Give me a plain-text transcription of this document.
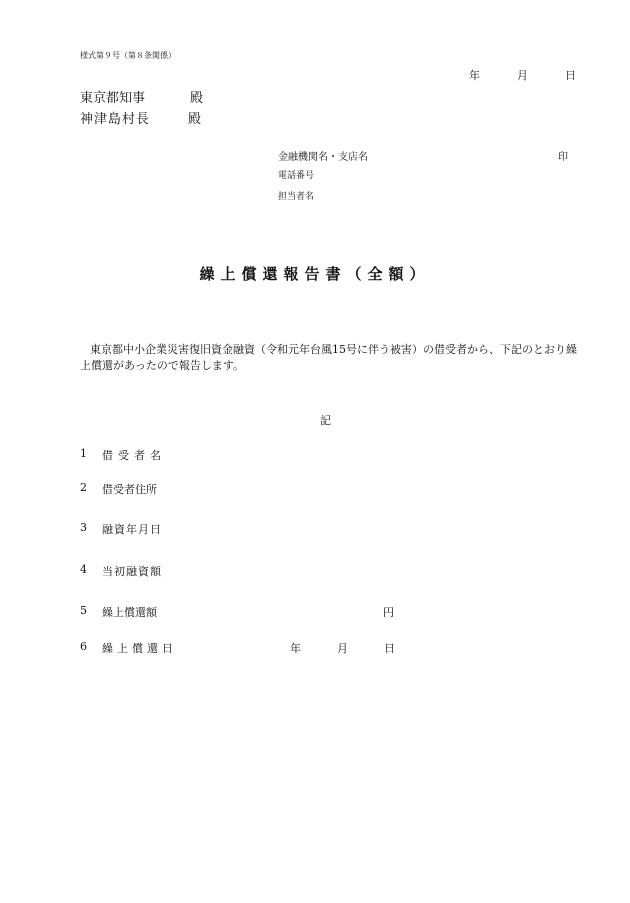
様式第９号（第８条関係）
年	月	日
東京都知事	殿
神津島村長	殿
金融機関名・支店名	印
電話番号
担当者名
繰上償還報告書（全額）
東京都中小企業災害復旧資金融資（令和元年台風15号に伴う被害）の借受者から、下記のとおり繰上償還があったので報告します。
記
1 借受者名
2 借受者住所
3 融資年月日
4 当初融資額
5 繰上償還額	円
6 繰上償還日	年	月	日
